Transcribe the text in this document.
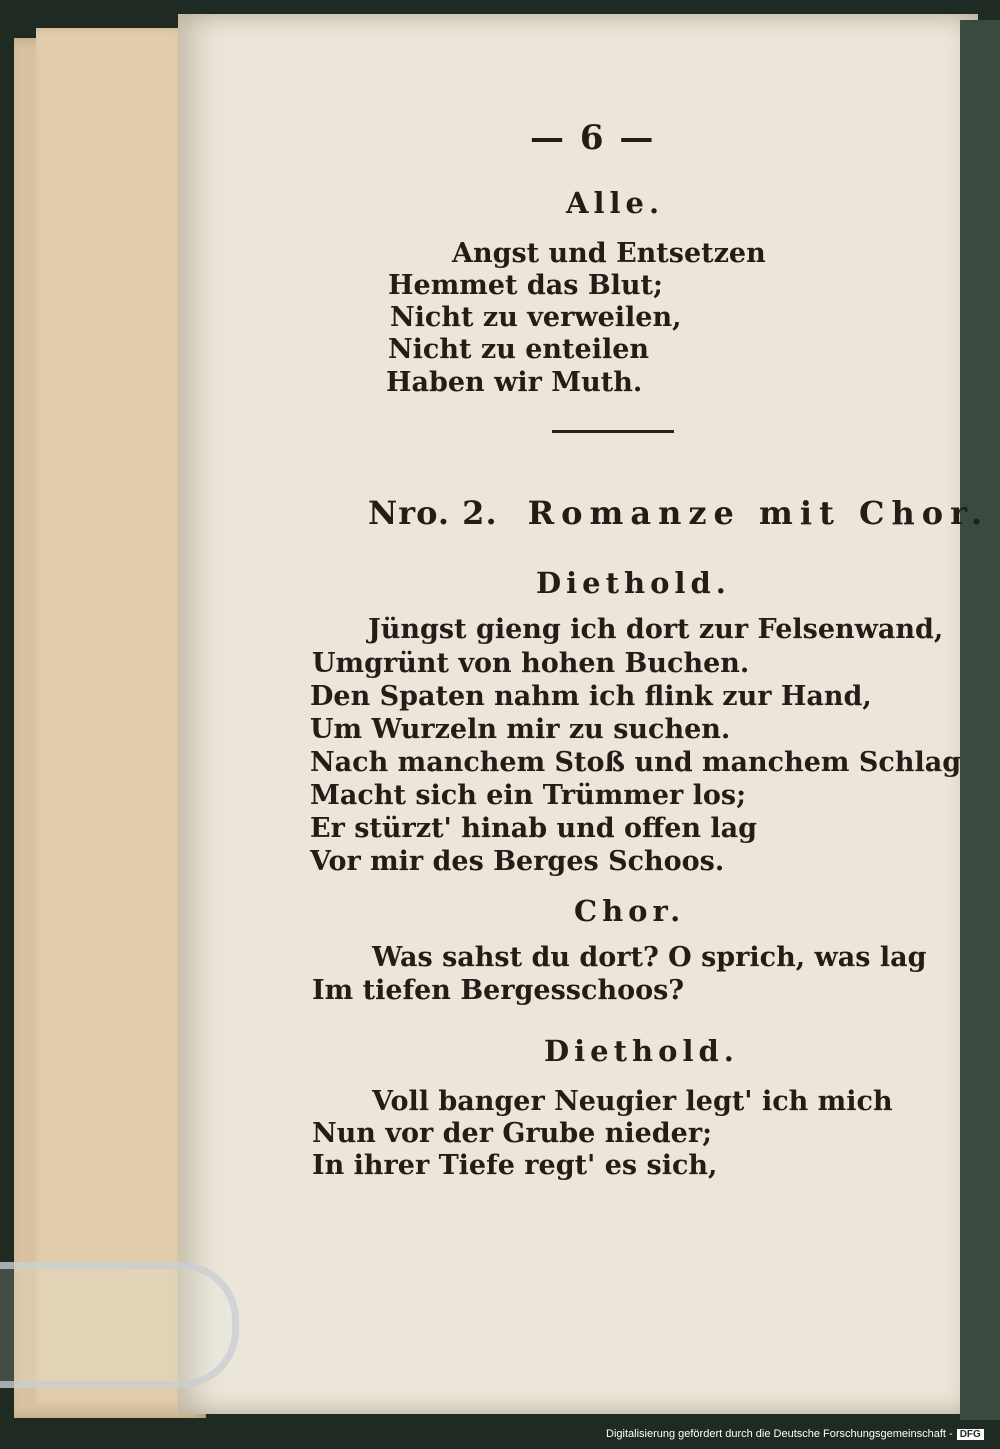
— 6 —
Alle.
Angst und Entsetzen
Hemmet das Blut;
Nicht zu verweilen,
Nicht zu enteilen
Haben wir Muth.
Nro. 2. Romanze mit Chor.
Diethold.
Jüngst gieng ich dort zur Felsenwand,
Umgrünt von hohen Buchen.
Den Spaten nahm ich flink zur Hand,
Um Wurzeln mir zu suchen.
Nach manchem Stoß und manchem Schlag
Macht sich ein Trümmer los;
Er stürzt' hinab und offen lag
Vor mir des Berges Schoos.
Chor.
Was sahst du dort? O sprich, was lag
Im tiefen Bergesschoos?
Diethold.
Voll banger Neugier legt' ich mich
Nun vor der Grube nieder;
In ihrer Tiefe regt' es sich,
Digitalisierung gefördert durch die Deutsche Forschungsgemeinschaft - DFG
